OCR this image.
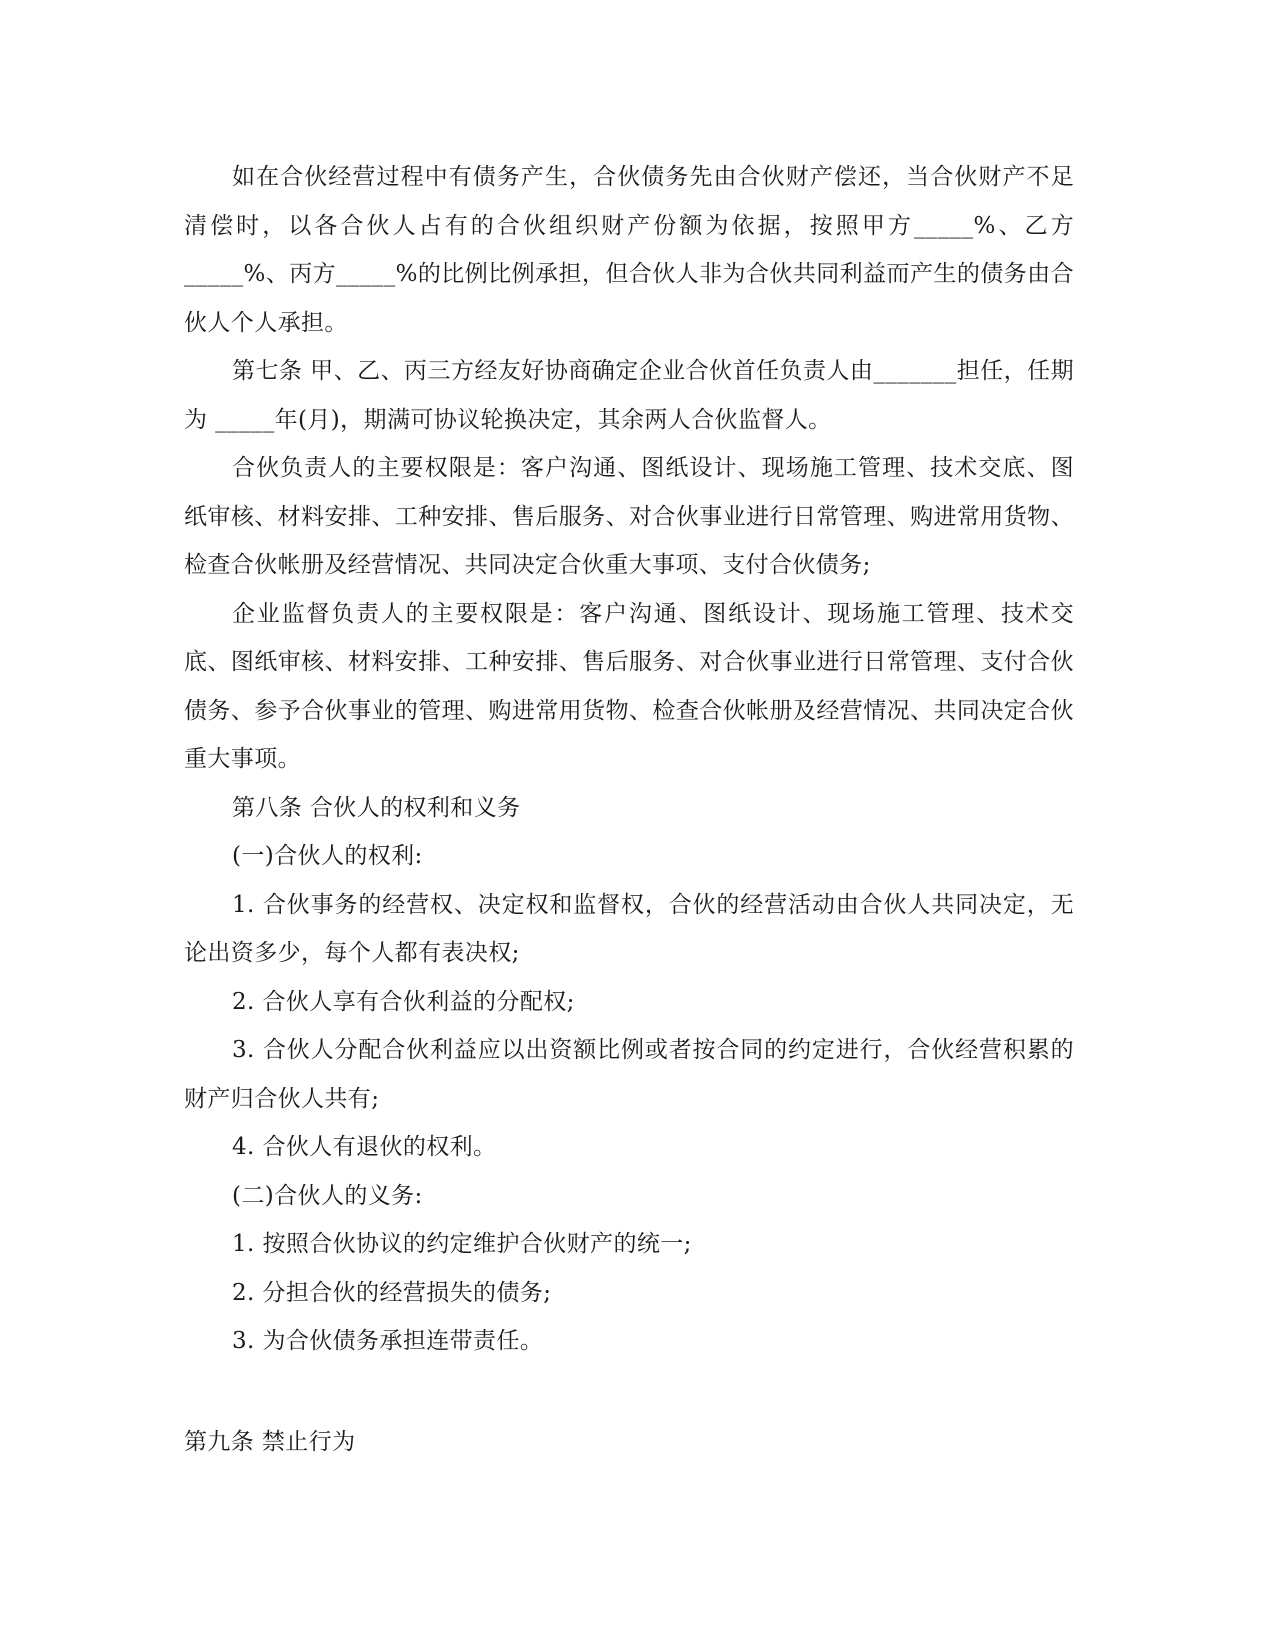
如在合伙经营过程中有债务产生，合伙债务先由合伙财产偿还，当合伙财产不足清偿时，以各合伙人占有的合伙组织财产份额为依据，按照甲方_____%、乙方_____%、丙方_____%的比例比例承担，但合伙人非为合伙共同利益而产生的债务由合伙人个人承担。

第七条 甲、乙、丙三方经友好协商确定企业合伙首任负责人由_______担任，任期为 _____年(月)，期满可协议轮换决定，其余两人合伙监督人。

合伙负责人的主要权限是：客户沟通、图纸设计、现场施工管理、技术交底、图纸审核、材料安排、工种安排、售后服务、对合伙事业进行日常管理、购进常用货物、检查合伙帐册及经营情况、共同决定合伙重大事项、支付合伙债务;

企业监督负责人的主要权限是：客户沟通、图纸设计、现场施工管理、技术交底、图纸审核、材料安排、工种安排、售后服务、对合伙事业进行日常管理、支付合伙债务、参予合伙事业的管理、购进常用货物、检查合伙帐册及经营情况、共同决定合伙重大事项。

第八条 合伙人的权利和义务

(一)合伙人的权利:

1. 合伙事务的经营权、决定权和监督权，合伙的经营活动由合伙人共同决定，无论出资多少，每个人都有表决权;

2. 合伙人享有合伙利益的分配权;

3. 合伙人分配合伙利益应以出资额比例或者按合同的约定进行，合伙经营积累的财产归合伙人共有;

4. 合伙人有退伙的权利。

(二)合伙人的义务:

1. 按照合伙协议的约定维护合伙财产的统一;

2. 分担合伙的经营损失的债务;

3. 为合伙债务承担连带责任。

第九条 禁止行为
